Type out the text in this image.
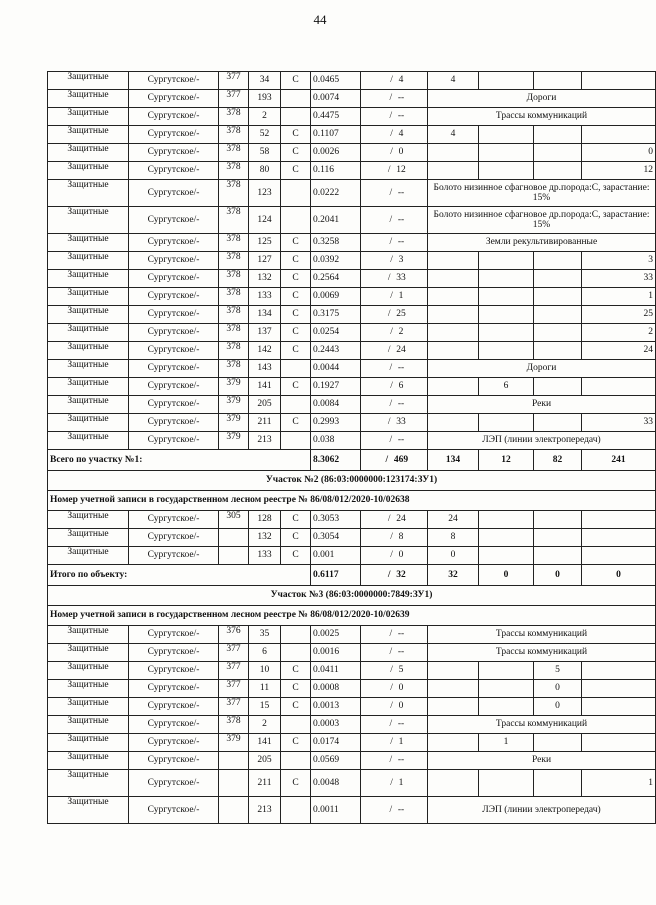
44
Защитные	Сургутское/-	377	34	С	0.0465	/ 4	4			
Защитные	Сургутское/-	377	193		0.0074	/ --	Дороги			
Защитные	Сургутское/-	378	2		0.4475	/ --	Трассы коммуникаций			
Защитные	Сургутское/-	378	52	С	0.1107	/ 4	4			
Защитные	Сургутское/-	378	58	С	0.0026	/ 0				0
Защитные	Сургутское/-	378	80	С	0.116	/ 12				12
Защитные	Сургутское/-	378	123		0.0222	/ --	Болото низинное сфагновое др.порода:С, зарастание: 15%			
Защитные	Сургутское/-	378	124		0.2041	/ --	Болото низинное сфагновое др.порода:С, зарастание: 15%			
Защитные	Сургутское/-	378	125	С	0.3258	/ --	Земли рекультивированные			
Защитные	Сургутское/-	378	127	С	0.0392	/ 3				3
Защитные	Сургутское/-	378	132	С	0.2564	/ 33				33
Защитные	Сургутское/-	378	133	С	0.0069	/ 1				1
Защитные	Сургутское/-	378	134	С	0.3175	/ 25				25
Защитные	Сургутское/-	378	137	С	0.0254	/ 2				2
Защитные	Сургутское/-	378	142	С	0.2443	/ 24				24
Защитные	Сургутское/-	378	143		0.0044	/ --	Дороги			
Защитные	Сургутское/-	379	141	С	0.1927	/ 6		6		
Защитные	Сургутское/-	379	205		0.0084	/ --	Реки			
Защитные	Сургутское/-	379	211	С	0.2993	/ 33				33
Защитные	Сургутское/-	379	213		0.038	/ --	ЛЭП (линии электропередач)			
Всего по участку №1:					8.3062	/ 469	134	12	82	241
Участок №2 (86:03:0000000:123174:ЗУ1)										
Номер учетной записи в государственном лесном реестре № 86/08/012/2020-10/02638										
Защитные	Сургутское/-	305	128	С	0.3053	/ 24	24			
Защитные	Сургутское/-		132	С	0.3054	/ 8	8			
Защитные	Сургутское/-		133	С	0.001	/ 0	0			
Итого по объекту:					0.6117	/ 32	32	0	0	0
Участок №3 (86:03:0000000:7849:ЗУ1)										
Номер учетной записи в государственном лесном реестре № 86/08/012/2020-10/02639										
Защитные	Сургутское/-	376	35		0.0025	/ --	Трассы коммуникаций			
Защитные	Сургутское/-	377	6		0.0016	/ --	Трассы коммуникаций			
Защитные	Сургутское/-	377	10	С	0.0411	/ 5			5	
Защитные	Сургутское/-	377	11	С	0.0008	/ 0			0	
Защитные	Сургутское/-	377	15	С	0.0013	/ 0			0	
Защитные	Сургутское/-	378	2		0.0003	/ --	Трассы коммуникаций			
Защитные	Сургутское/-	379	141	С	0.0174	/ 1		1		
Защитные	Сургутское/-		205		0.0569	/ --	Реки			
Защитные	Сургутское/-		211	С	0.0048	/ 1				1
Защитные	Сургутское/-		213		0.0011	/ --	ЛЭП (линии электропередач)			
